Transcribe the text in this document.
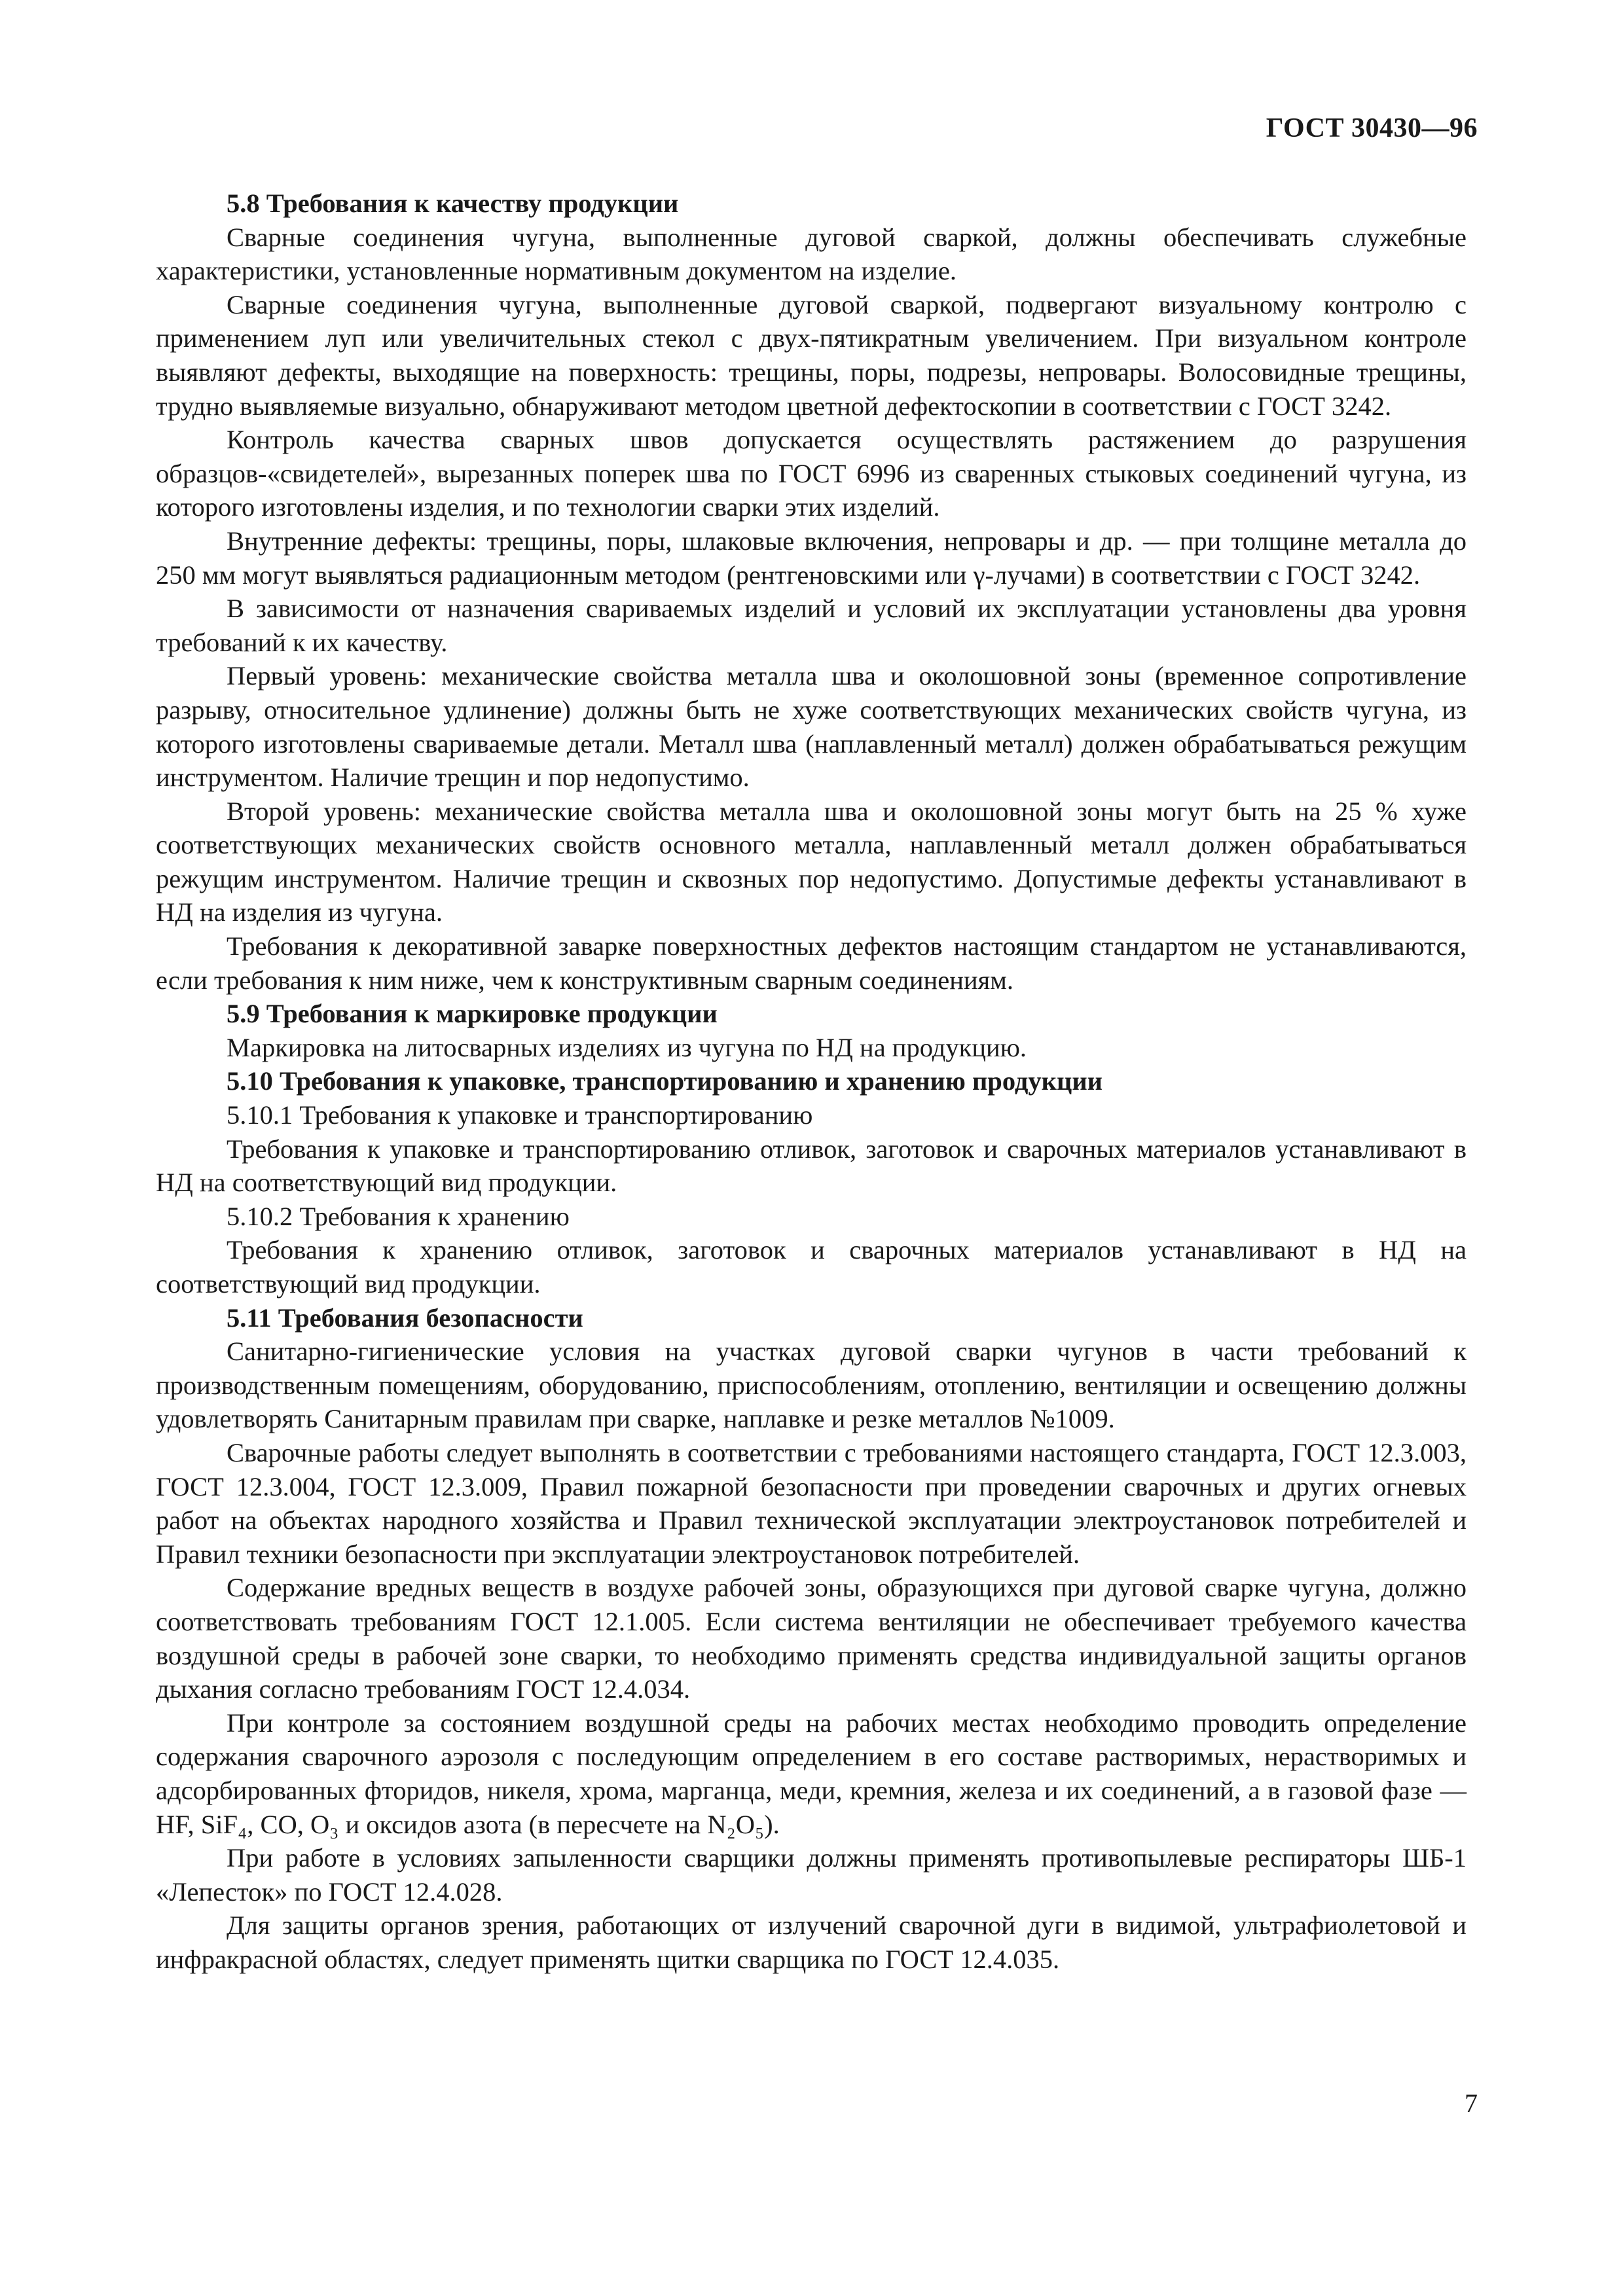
ГОСТ 30430—96

5.8 Требования к качеству продукции

Сварные соединения чугуна, выполненные дуговой сваркой, должны обеспечивать служебные характеристики, установленные нормативным документом на изделие.

Сварные соединения чугуна, выполненные дуговой сваркой, подвергают визуальному контролю с применением луп или увеличительных стекол с двух-пятикратным увеличением. При визуальном контроле выявляют дефекты, выходящие на поверхность: трещины, поры, подрезы, непровары. Волосовидные трещины, трудно выявляемые визуально, обнаруживают методом цветной дефектоскопии в соответствии с ГОСТ 3242.

Контроль качества сварных швов допускается осуществлять растяжением до разрушения образцов-«свидетелей», вырезанных поперек шва по ГОСТ 6996 из сваренных стыковых соединений чугуна, из которого изготовлены изделия, и по технологии сварки этих изделий.

Внутренние дефекты: трещины, поры, шлаковые включения, непровары и др. — при толщине металла до 250 мм могут выявляться радиационным методом (рентгеновскими или γ-лучами) в соответствии с ГОСТ 3242.

В зависимости от назначения свариваемых изделий и условий их эксплуатации установлены два уровня требований к их качеству.

Первый уровень: механические свойства металла шва и околошовной зоны (временное сопротивление разрыву, относительное удлинение) должны быть не хуже соответствующих механических свойств чугуна, из которого изготовлены свариваемые детали. Металл шва (наплавленный металл) должен обрабатываться режущим инструментом. Наличие трещин и пор недопустимо.

Второй уровень: механические свойства металла шва и околошовной зоны могут быть на 25 % хуже соответствующих механических свойств основного металла, наплавленный металл должен обрабатываться режущим инструментом. Наличие трещин и сквозных пор недопустимо. Допустимые дефекты устанавливают в НД на изделия из чугуна.

Требования к декоративной заварке поверхностных дефектов настоящим стандартом не устанавливаются, если требования к ним ниже, чем к конструктивным сварным соединениям.

5.9 Требования к маркировке продукции

Маркировка на литосварных изделиях из чугуна по НД на продукцию.

5.10 Требования к упаковке, транспортированию и хранению продукции

5.10.1 Требования к упаковке и транспортированию

Требования к упаковке и транспортированию отливок, заготовок и сварочных материалов устанавливают в НД на соответствующий вид продукции.

5.10.2 Требования к хранению

Требования к хранению отливок, заготовок и сварочных материалов устанавливают в НД на соответствующий вид продукции.

5.11 Требования безопасности

Санитарно-гигиенические условия на участках дуговой сварки чугунов в части требований к производственным помещениям, оборудованию, приспособлениям, отоплению, вентиляции и освещению должны удовлетворять Санитарным правилам при сварке, наплавке и резке металлов №1009.

Сварочные работы следует выполнять в соответствии с требованиями настоящего стандарта, ГОСТ 12.3.003, ГОСТ 12.3.004, ГОСТ 12.3.009, Правил пожарной безопасности при проведении сварочных и других огневых работ на объектах народного хозяйства и Правил технической эксплуатации электроустановок потребителей и Правил техники безопасности при эксплуатации электроустановок потребителей.

Содержание вредных веществ в воздухе рабочей зоны, образующихся при дуговой сварке чугуна, должно соответствовать требованиям ГОСТ 12.1.005. Если система вентиляции не обеспечивает требуемого качества воздушной среды в рабочей зоне сварки, то необходимо применять средства индивидуальной защиты органов дыхания согласно требованиям ГОСТ 12.4.034.

При контроле за состоянием воздушной среды на рабочих местах необходимо проводить определение содержания сварочного аэрозоля с последующим определением в его составе растворимых, нерастворимых и адсорбированных фторидов, никеля, хрома, марганца, меди, кремния, железа и их соединений, а в газовой фазе — HF, SiF₄, CO, O₃ и оксидов азота (в пересчете на N₂O₅).

При работе в условиях запыленности сварщики должны применять противопылевые респираторы ШБ-1 «Лепесток» по ГОСТ 12.4.028.

Для защиты органов зрения, работающих от излучений сварочной дуги в видимой, ультрафиолетовой и инфракрасной областях, следует применять щитки сварщика по ГОСТ 12.4.035.

7
